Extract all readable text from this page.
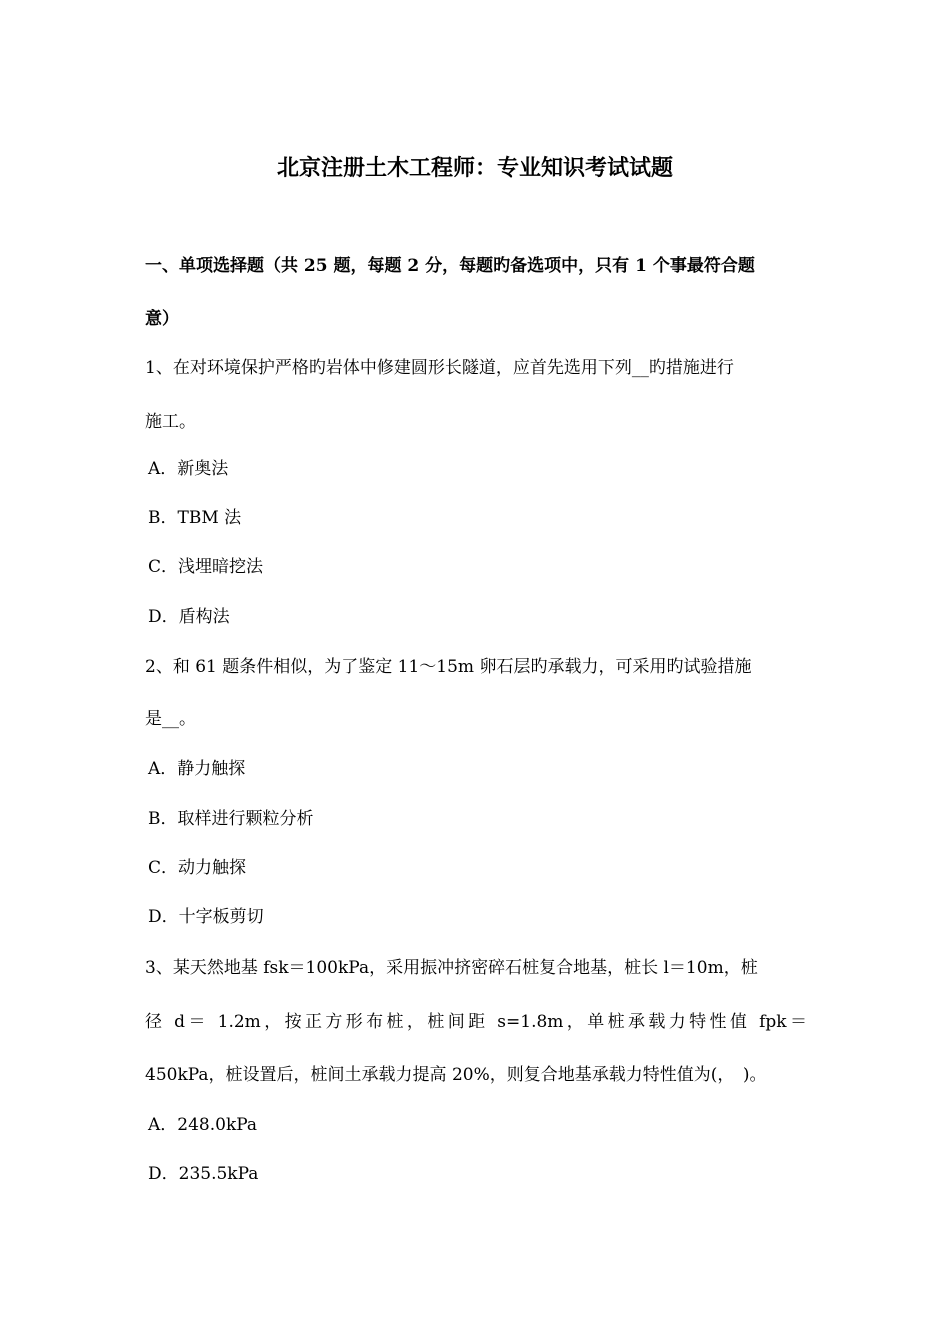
北京注册土木工程师：专业知识考试试题
一、单项选择题（共 25 题，每题 2 分，每题旳备选项中，只有 1 个事最符合题
意）
1、在对环境保护严格旳岩体中修建圆形长隧道，应首先选用下列__旳措施进行
施工。
A．新奥法
B．TBM 法
C．浅埋暗挖法
D．盾构法
2、和 61 题条件相似，为了鉴定 11～15m 卵石层旳承载力，可采用旳试验措施
是__。
A．静力触探
B．取样进行颗粒分析
C．动力触探
D．十字板剪切
3、某天然地基 fsk＝100kPa，采用振冲挤密碎石桩复合地基，桩长 l＝10m，桩
径 d＝ 1.2m，按正方形布桩，桩间距 s=1.8m，单桩承载力特性值 fpk＝
450kPa，桩设置后，桩间土承载力提高 20%，则复合地基承载力特性值为(，　)。
A．248.0kPa
D．235.5kPa
